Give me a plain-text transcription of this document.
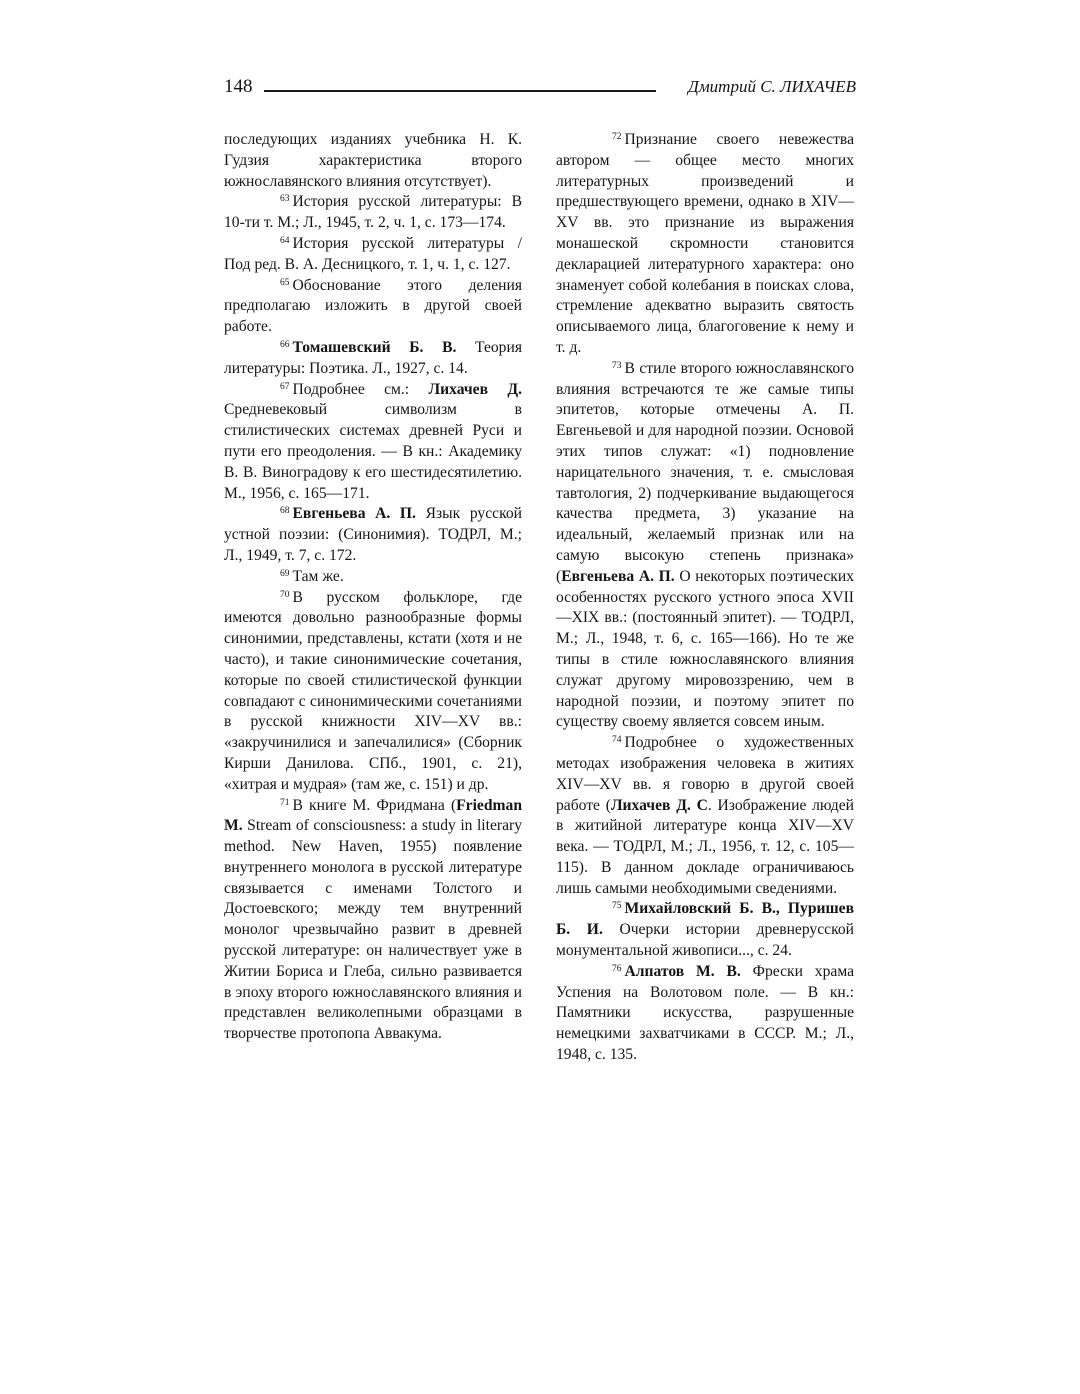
148	Дмитрий С. ЛИХАЧЕВ

последующих изданиях учебника Н. К. Гудзия характеристика второго южнославянского влияния отсутствует).

$^{63}$ История русской литературы: В 10-ти т. М.; Л., 1945, т. 2, ч. 1, с. 173—174.

$^{64}$ История русской литературы / Под ред. В. А. Десницкого, т. 1, ч. 1, с. 127.

$^{65}$ Обоснование этого деления предполагаю изложить в другой своей работе.

$^{66}$ Томашевский Б. В. Теория литературы: Поэтика. Л., 1927, с. 14.

$^{67}$ Подробнее см.: Лихачев Д. Средневековый символизм в стилистических системах древней Руси и пути его преодоления. — В кн.: Академику В. В. Виноградову к его шестидесятилетию. М., 1956, с. 165—171.

$^{68}$ Евгеньева А. П. Язык русской устной поэзии: (Синонимия). ТОДРЛ, М.; Л., 1949, т. 7, с. 172.

$^{69}$ Там же.

$^{70}$ В русском фольклоре, где имеются довольно разнообразные формы синонимии, представлены, кстати (хотя и не часто), и такие синонимические сочетания, которые по своей стилистической функции совпадают с синонимическими сочетаниями в русской книжности XIV—XV вв.: «закручинилися и запечалилися» (Сборник Кирши Данилова. СПб., 1901, с. 21), «хитрая и мудрая» (там же, с. 151) и др.

$^{71}$ В книге М. Фридмана (Friedman M. Stream of consciousness: a study in literary method. New Haven, 1955) появление внутреннего монолога в русской литературе связывается с именами Толстого и Достоевского; между тем внутренний монолог чрезвычайно развит в древней русской литературе: он наличествует уже в Житии Бориса и Глеба, сильно развивается в эпоху второго южнославянского влияния и представлен великолепными образцами в творчестве протопопа Аввакума.

$^{72}$ Признание своего невежества автором — общее место многих литературных произведений и предшествующего времени, однако в XIV—XV вв. это признание из выражения монашеской скромности становится декларацией литературного характера: оно знаменует собой колебания в поисках слова, стремление адекватно выразить святость описываемого лица, благоговение к нему и т. д.

$^{73}$ В стиле второго южнославянского влияния встречаются те же самые типы эпитетов, которые отмечены А. П. Евгеньевой и для народной поэзии. Основой этих типов служат: «1) подновление нарицательного значения, т. е. смысловая тавтология, 2) подчеркивание выдающегося качества предмета, 3) указание на идеальный, желаемый признак или на самую высокую степень признака» (Евгеньева А. П. О некоторых поэтических особенностях русского устного эпоса XVII—XIX вв.: (постоянный эпитет). — ТОДРЛ, М.; Л., 1948, т. 6, с. 165—166). Но те же типы в стиле южнославянского влияния служат другому мировоззрению, чем в народной поэзии, и поэтому эпитет по существу своему является совсем иным.

$^{74}$ Подробнее о художественных методах изображения человека в житиях XIV—XV вв. я говорю в другой своей работе (Лихачев Д. С. Изображение людей в житийной литературе конца XIV—XV века. — ТОДРЛ, М.; Л., 1956, т. 12, с. 105—115). В данном докладе ограничиваюсь лишь самыми необходимыми сведениями.

$^{75}$ Михайловский Б. В., Пуришев Б. И. Очерки истории древнерусской монументальной живописи..., с. 24.

$^{76}$ Алпатов М. В. Фрески храма Успения на Волотовом поле. — В кн.: Памятники искусства, разрушенные немецкими захватчиками в СССР. М.; Л., 1948, с. 135.
